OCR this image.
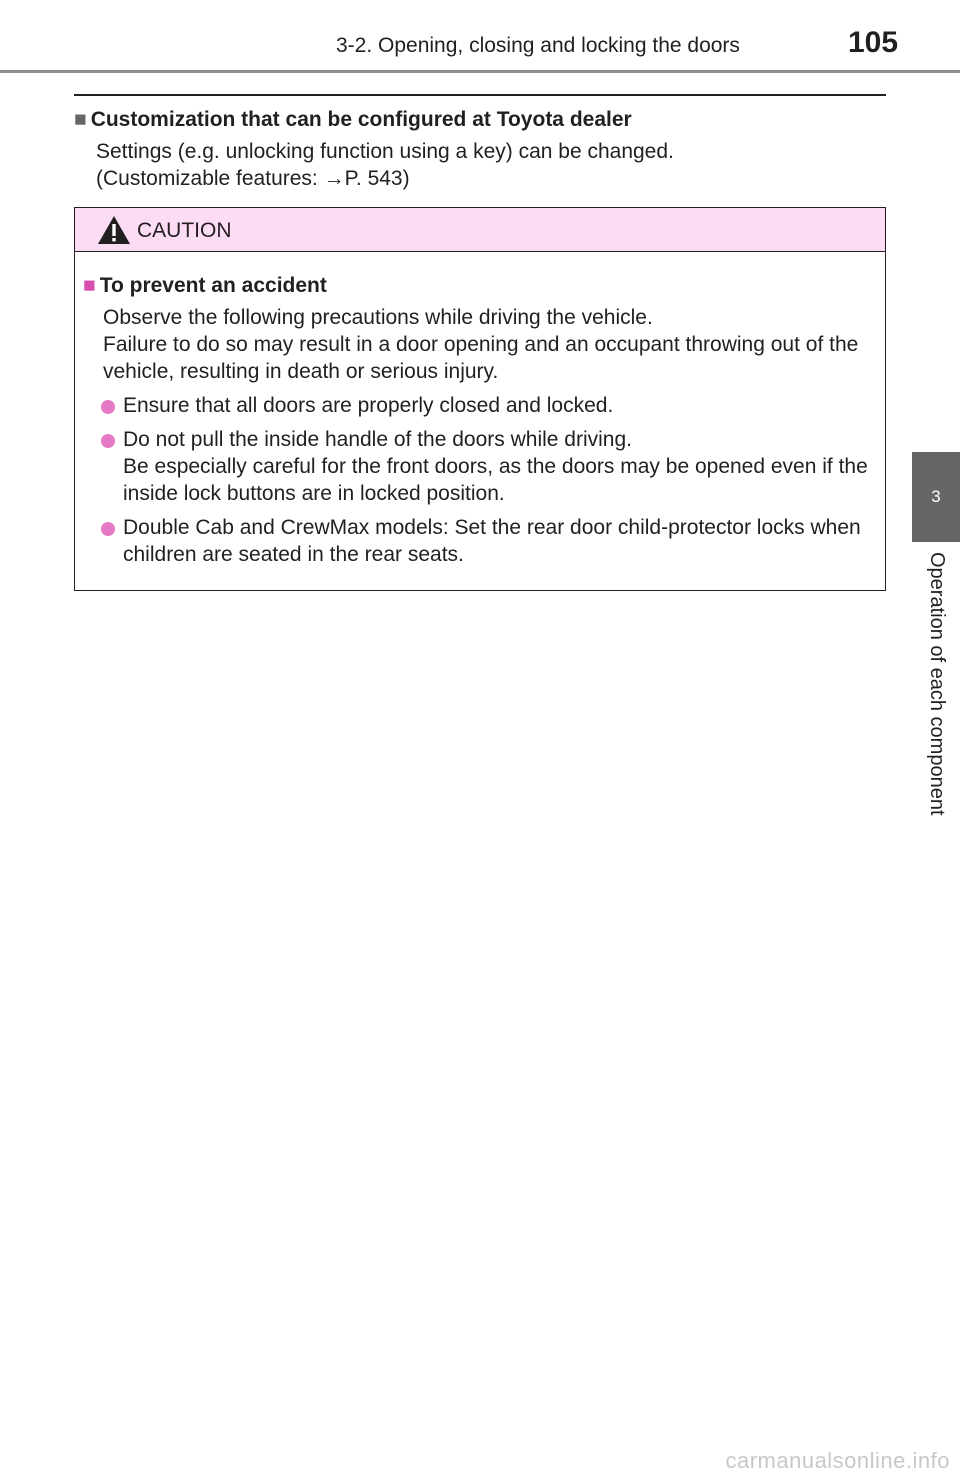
3-2. Opening, closing and locking the doors	105
3
Operation of each component
■ Customization that can be configured at Toyota dealer
Settings (e.g. unlocking function using a key) can be changed.
(Customizable features: →P. 543)
CAUTION
■ To prevent an accident
Observe the following precautions while driving the vehicle.
Failure to do so may result in a door opening and an occupant throwing out of the vehicle, resulting in death or serious injury.
Ensure that all doors are properly closed and locked.
Do not pull the inside handle of the doors while driving.
Be especially careful for the front doors, as the doors may be opened even if the inside lock buttons are in locked position.
Double Cab and CrewMax models: Set the rear door child-protector locks when children are seated in the rear seats.
carmanualsonline.info
